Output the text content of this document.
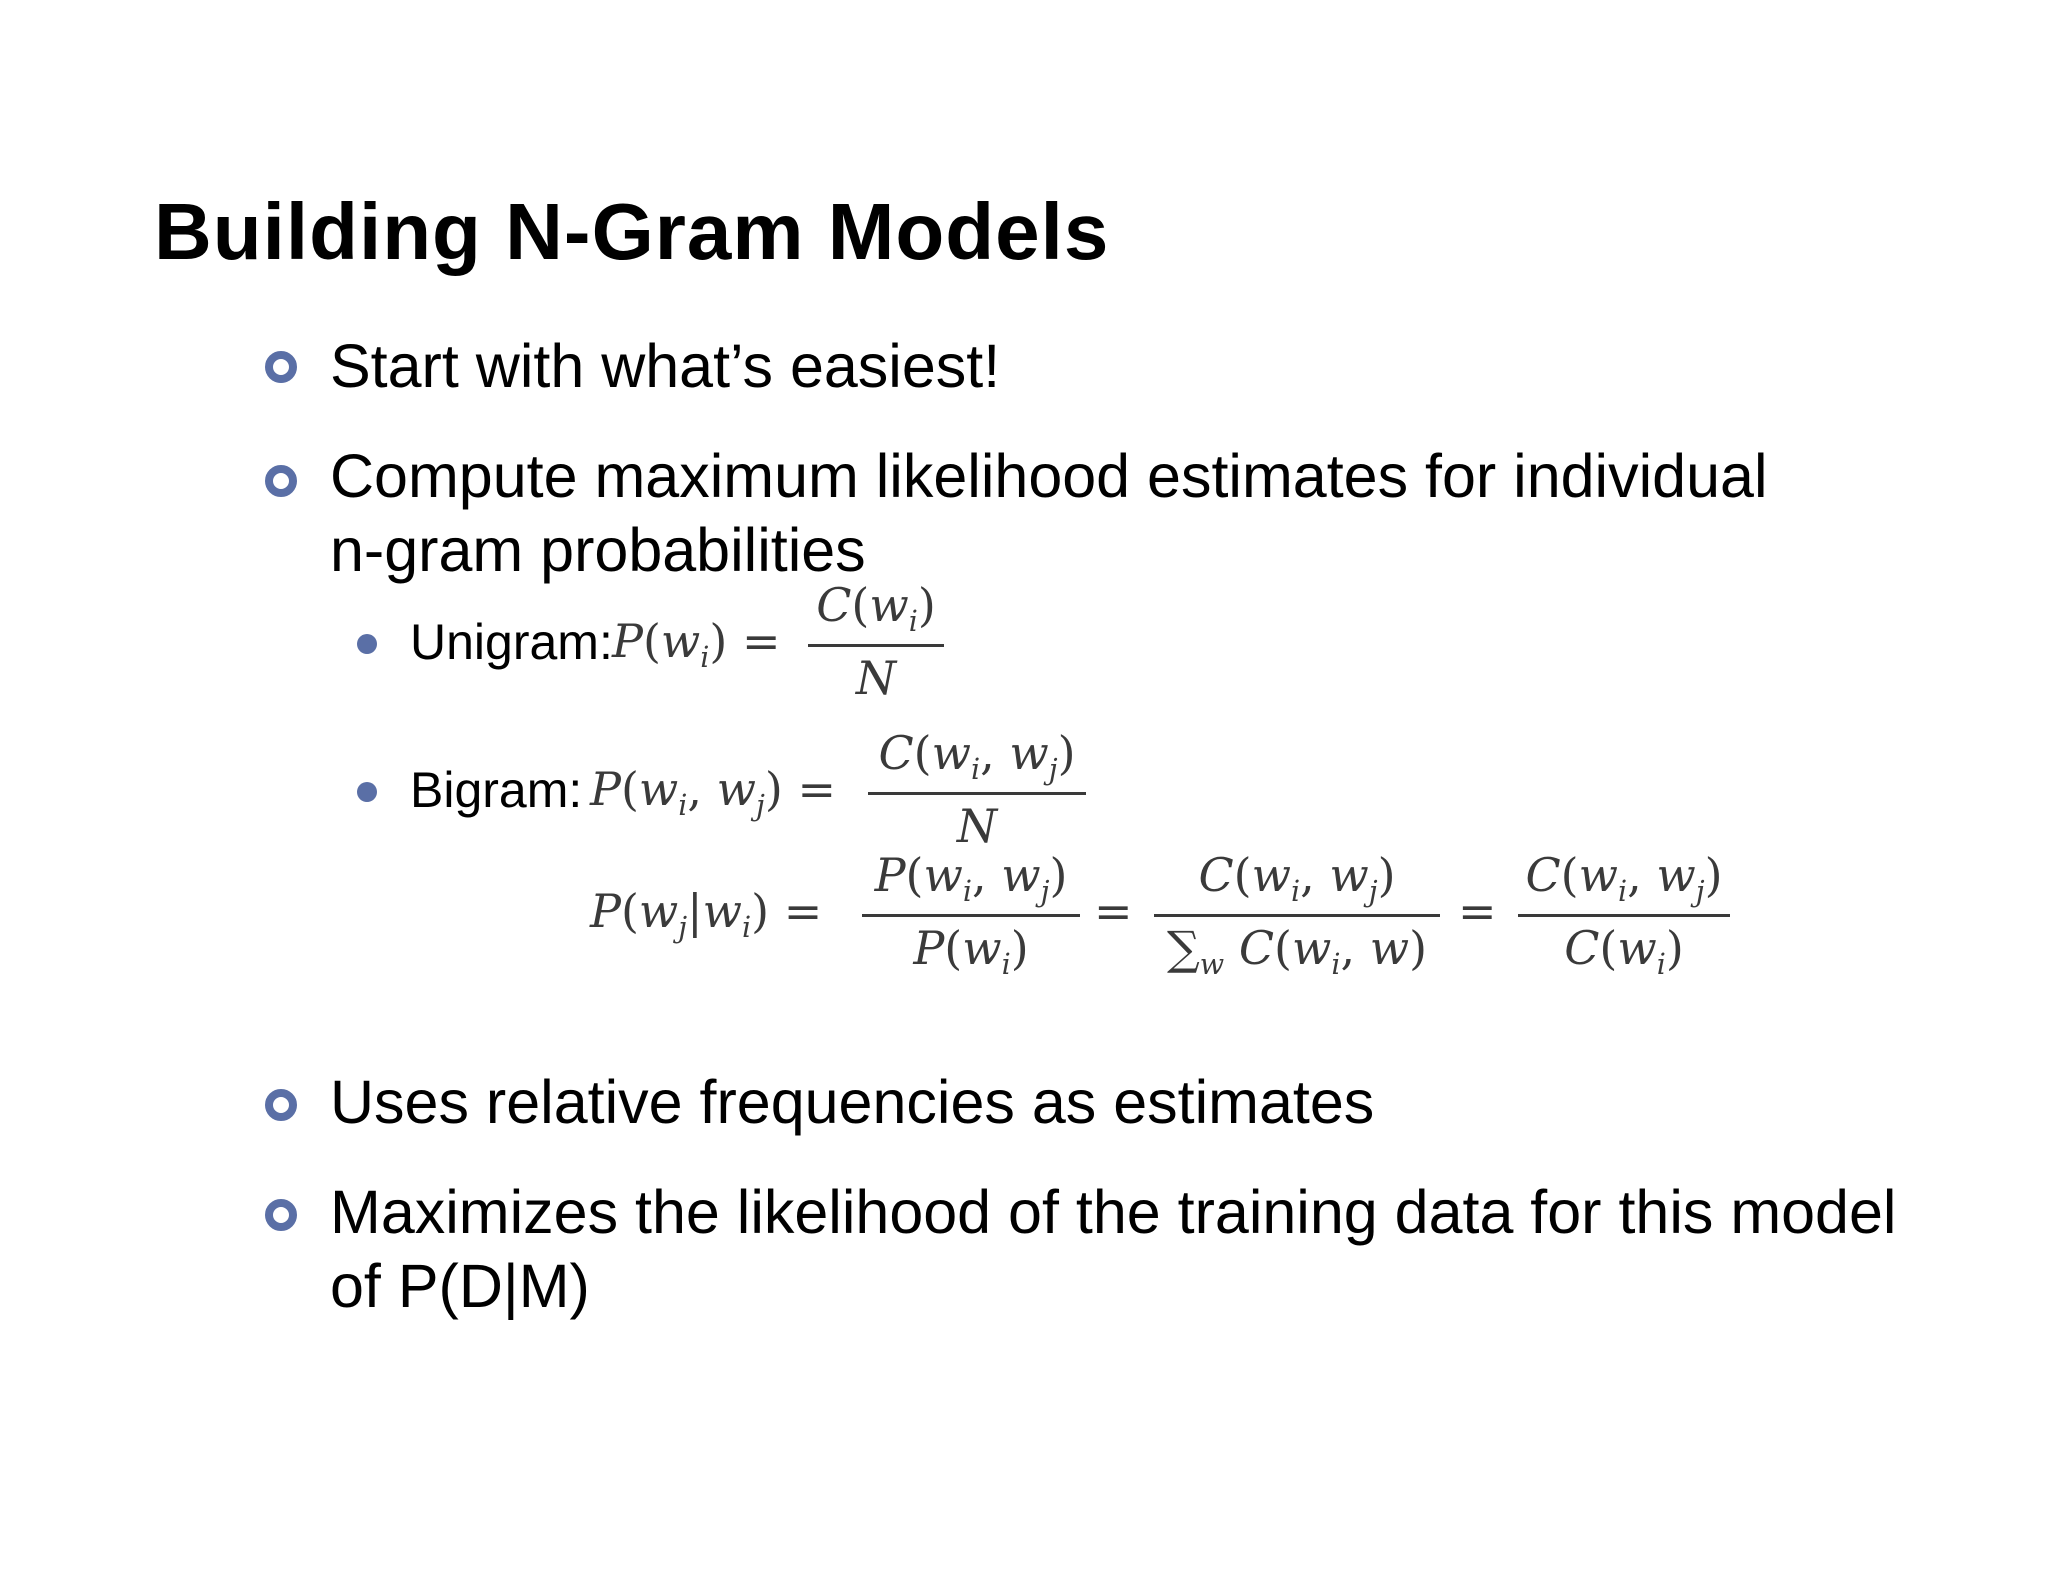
Building N-Gram Models
Start with what’s easiest!
Compute maximum likelihood estimates for individual
n-gram probabilities
Unigram: $P(w_i)$ =
$C(w_i)$
N
Bigram: $P(w_i$, $w_j$) =
$C(w_i$, $w_j$)
N
$P(w_j|w_i)$ =
$P(w_i$, $w_j$)
$P(w_i)$
=
$C(w_i$, $w_j$)
$\sum_w$ $C(w_i$, w)
=
$C(w_i$, $w_j$)
$C(w_i)$
Uses relative frequencies as estimates
Maximizes the likelihood of the training data for this model
of P(D|M)
